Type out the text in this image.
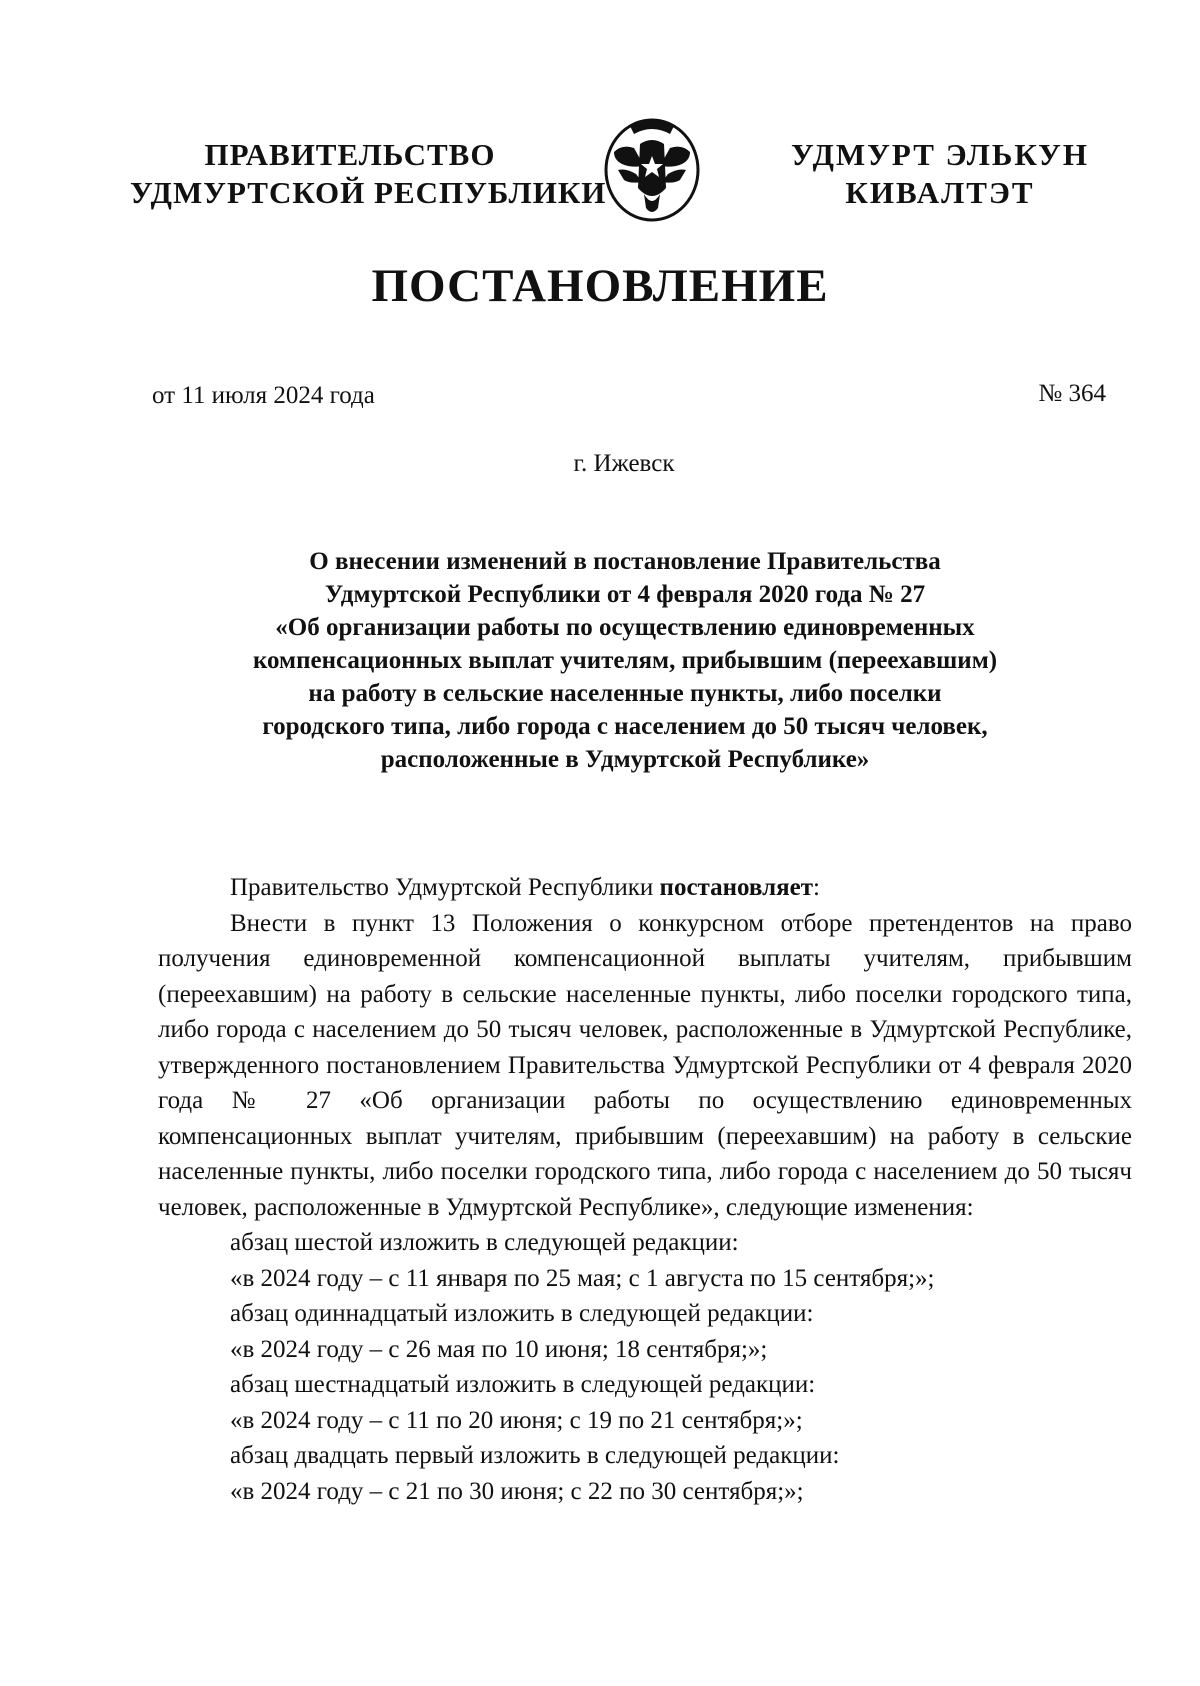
ПРАВИТЕЛЬСТВО
УДМУРТСКОЙ РЕСПУБЛИКИ
УДМУРТ ЭЛЬКУН
КИВАЛТЭТ
ПОСТАНОВЛЕНИЕ

от 11 июля 2024 года	№ 364

г. Ижевск

О внесении изменений в постановление Правительства
Удмуртской Республики от 4 февраля 2020 года № 27
«Об организации работы по осуществлению единовременных
компенсационных выплат учителям, прибывшим (переехавшим)
на работу в сельские населенные пункты, либо поселки
городского типа, либо города с населением до 50 тысяч человек,
расположенные в Удмуртской Республике»

Правительство Удмуртской Республики постановляет:

Внести в пункт 13 Положения о конкурсном отборе претендентов на право получения единовременной компенсационной выплаты учителям, прибывшим (переехавшим) на работу в сельские населенные пункты, либо поселки городского типа, либо города с населением до 50 тысяч человек, расположенные в Удмуртской Республике, утвержденного постановлением Правительства Удмуртской Республики от 4 февраля 2020 года № 27 «Об организации работы по осуществлению единовременных компенсационных выплат учителям, прибывшим (переехавшим) на работу в сельские населенные пункты, либо поселки городского типа, либо города с населением до 50 тысяч человек, расположенные в Удмуртской Республике», следующие изменения:

абзац шестой изложить в следующей редакции:

«в 2024 году – с 11 января по 25 мая; с 1 августа по 15 сентября;»;

абзац одиннадцатый изложить в следующей редакции:

«в 2024 году – с 26 мая по 10 июня; 18 сентября;»;

абзац шестнадцатый изложить в следующей редакции:

«в 2024 году – с 11 по 20 июня; с 19 по 21 сентября;»;

абзац двадцать первый изложить в следующей редакции:

«в 2024 году – с 21 по 30 июня; с 22 по 30 сентября;»;
